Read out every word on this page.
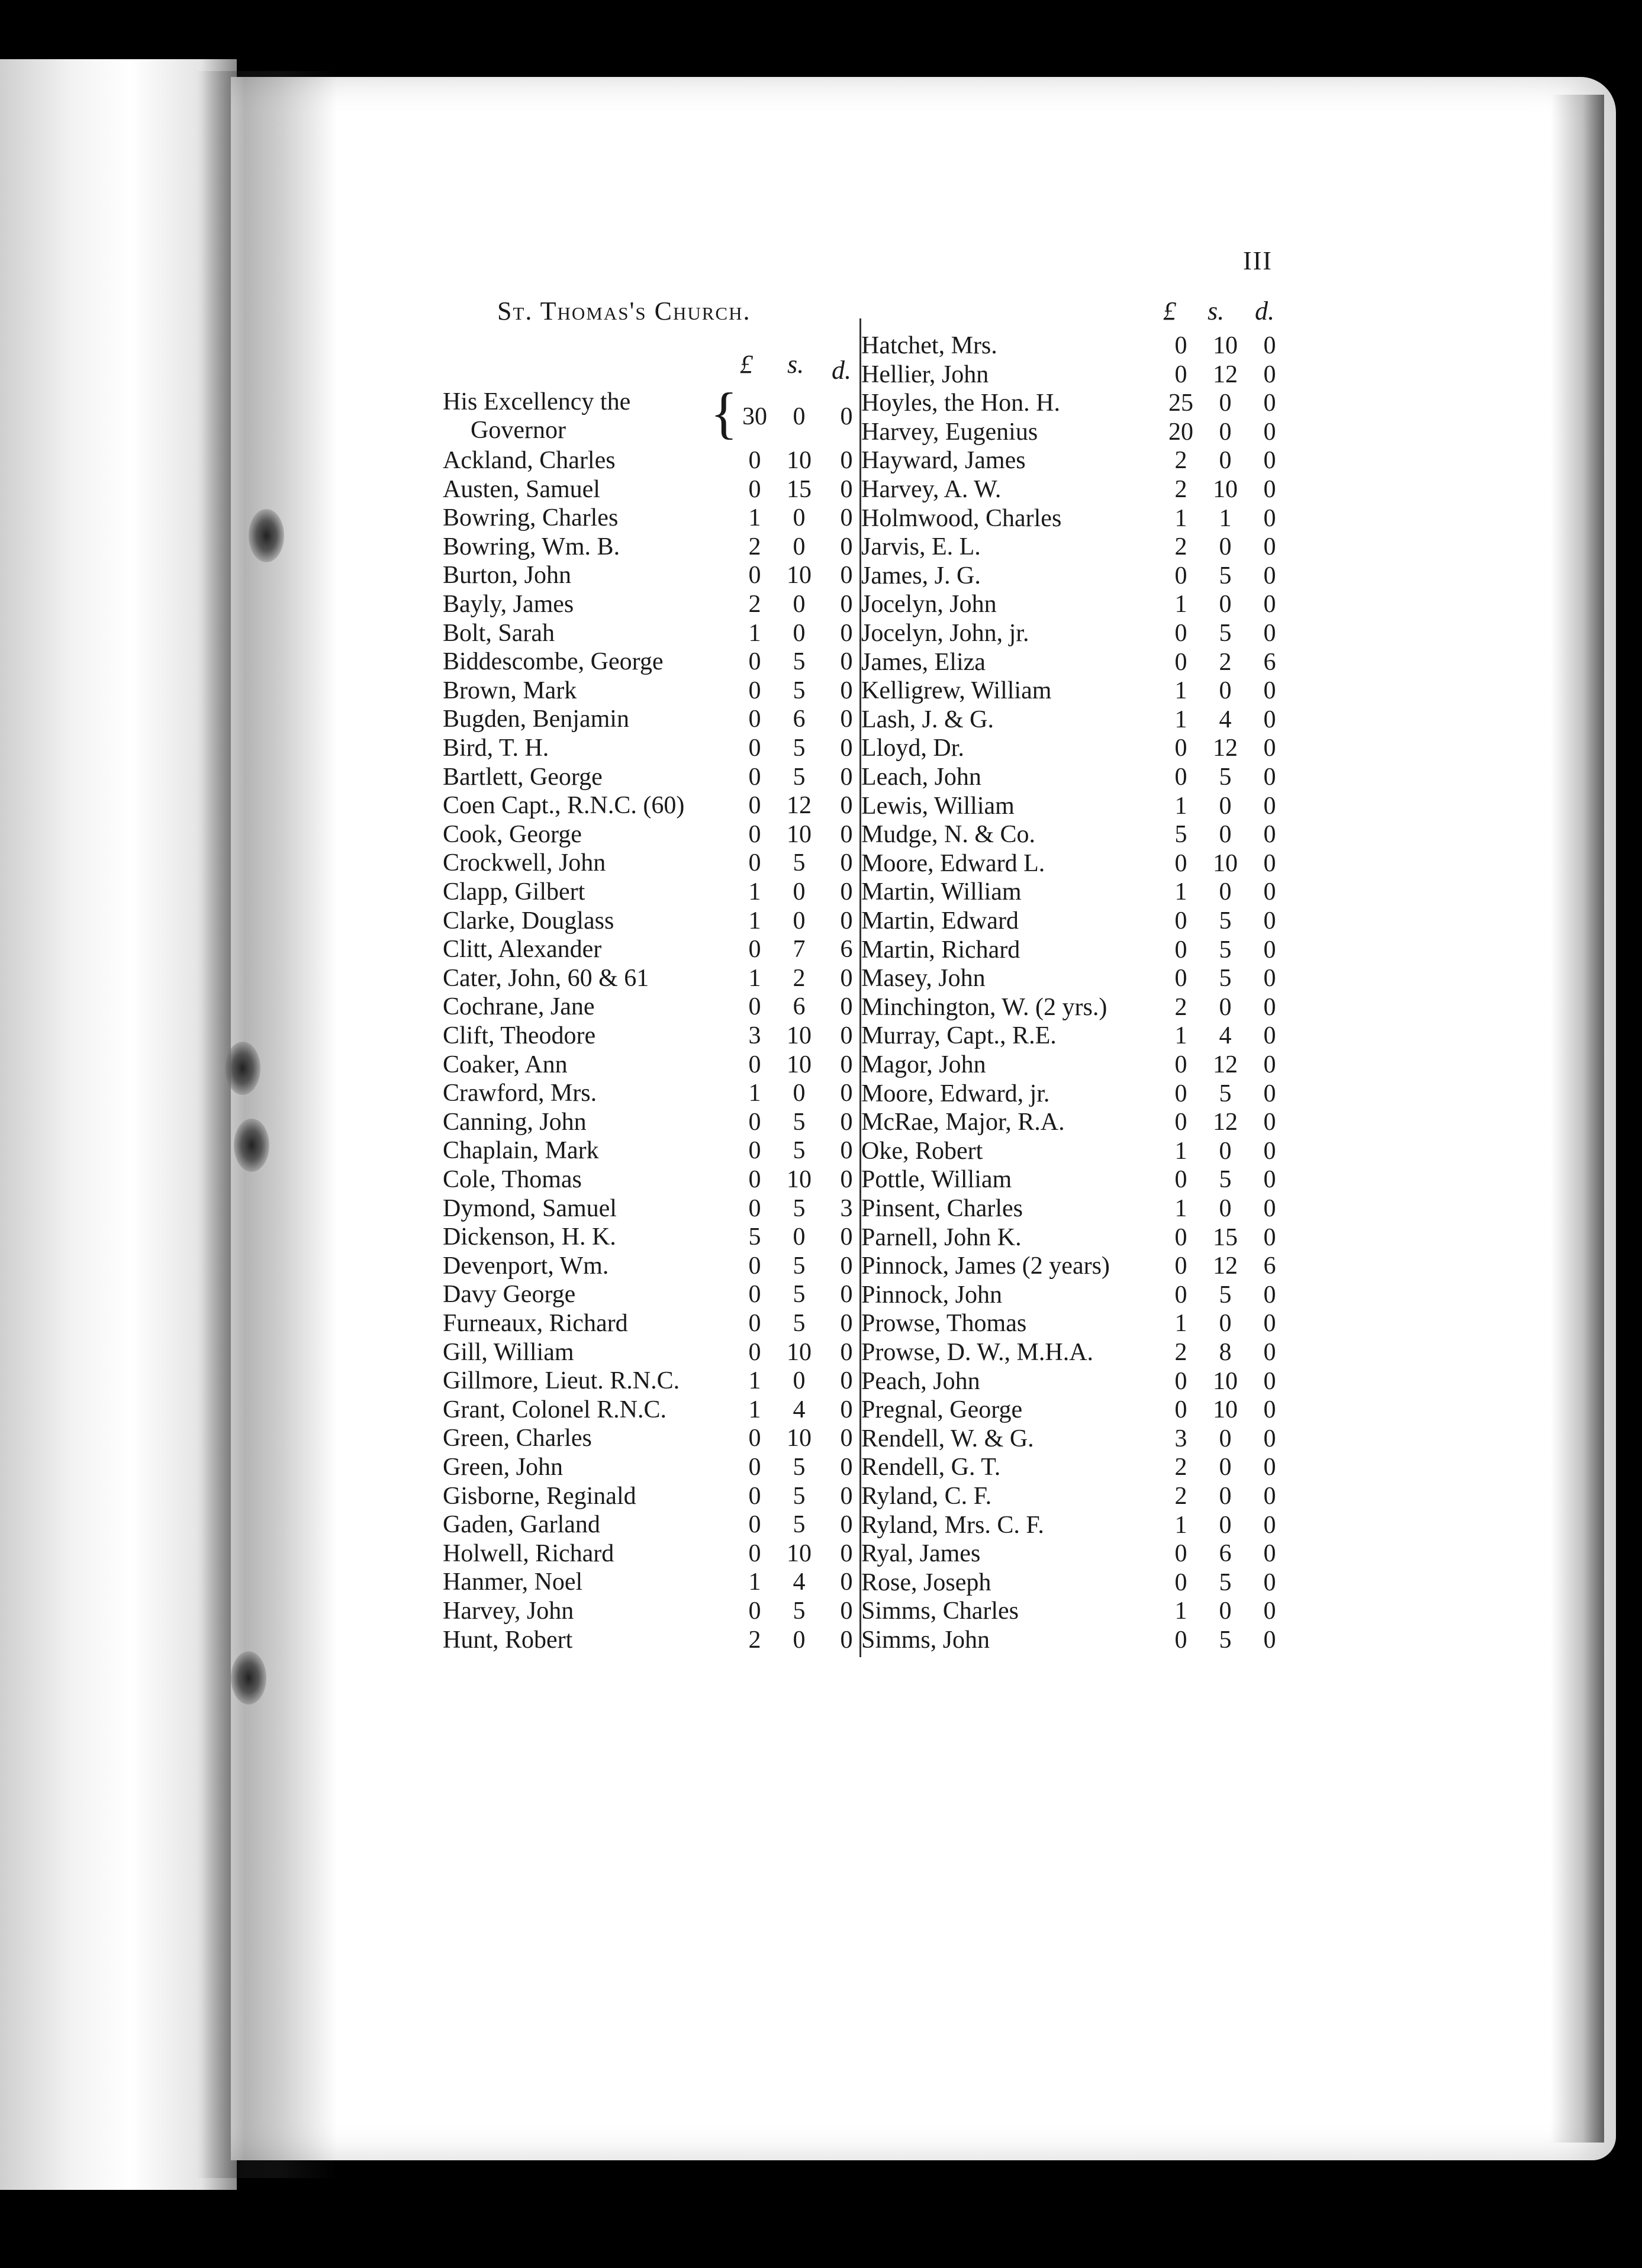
III
St. Thomas's Church.
£ s. d.
£ s. d.
His Excellency the
Governor	{ 30	0	0
Ackland, Charles	0	10	0
Austen, Samuel	0	15	0
Bowring, Charles	1	0	0
Bowring, Wm. B.	2	0	0
Burton, John	0	10	0
Bayly, James	2	0	0
Bolt, Sarah	1	0	0
Biddescombe, George	0	5	0
Brown, Mark	0	5	0
Bugden, Benjamin	0	6	0
Bird, T. H.	0	5	0
Bartlett, George	0	5	0
Coen Capt., R.N.C. (60)	0	12	0
Cook, George	0	10	0
Crockwell, John	0	5	0
Clapp, Gilbert	1	0	0
Clarke, Douglass	1	0	0
Clitt, Alexander	0	7	6
Cater, John, 60 & 61	1	2	0
Cochrane, Jane	0	6	0
Clift, Theodore	3	10	0
Coaker, Ann	0	10	0
Crawford, Mrs.	1	0	0
Canning, John	0	5	0
Chaplain, Mark	0	5	0
Cole, Thomas	0	10	0
Dymond, Samuel	0	5	3
Dickenson, H. K.	5	0	0
Devenport, Wm.	0	5	0
Davy George	0	5	0
Furneaux, Richard	0	5	0
Gill, William	0	10	0
Gillmore, Lieut. R.N.C.	1	0	0
Grant, Colonel R.N.C.	1	4	0
Green, Charles	0	10	0
Green, John	0	5	0
Gisborne, Reginald	0	5	0
Gaden, Garland	0	5	0
Holwell, Richard	0	10	0
Hanmer, Noel	1	4	0
Harvey, John	0	5	0
Hunt, Robert	2	0	0
Hatchet, Mrs.	0	10	0
Hellier, John	0	12	0
Hoyles, the Hon. H.	25	0	0
Harvey, Eugenius	20	0	0
Hayward, James	2	0	0
Harvey, A. W.	2	10	0
Holmwood, Charles	1	1	0
Jarvis, E. L.	2	0	0
James, J. G.	0	5	0
Jocelyn, John	1	0	0
Jocelyn, John, jr.	0	5	0
James, Eliza	0	2	6
Kelligrew, William	1	0	0
Lash, J. & G.	1	4	0
Lloyd, Dr.	0	12	0
Leach, John	0	5	0
Lewis, William	1	0	0
Mudge, N. & Co.	5	0	0
Moore, Edward L.	0	10	0
Martin, William	1	0	0
Martin, Edward	0	5	0
Martin, Richard	0	5	0
Masey, John	0	5	0
Minchington, W. (2 yrs.)	2	0	0
Murray, Capt., R.E.	1	4	0
Magor, John	0	12	0
Moore, Edward, jr.	0	5	0
McRae, Major, R.A.	0	12	0
Oke, Robert	1	0	0
Pottle, William	0	5	0
Pinsent, Charles	1	0	0
Parnell, John K.	0	15	0
Pinnock, James (2 years)	0	12	6
Pinnock, John	0	5	0
Prowse, Thomas	1	0	0
Prowse, D. W., M.H.A.	2	8	0
Peach, John	0	10	0
Pregnal, George	0	10	0
Rendell, W. & G.	3	0	0
Rendell, G. T.	2	0	0
Ryland, C. F.	2	0	0
Ryland, Mrs. C. F.	1	0	0
Ryal, James	0	6	0
Rose, Joseph	0	5	0
Simms, Charles	1	0	0
Simms, John	0	5	0
